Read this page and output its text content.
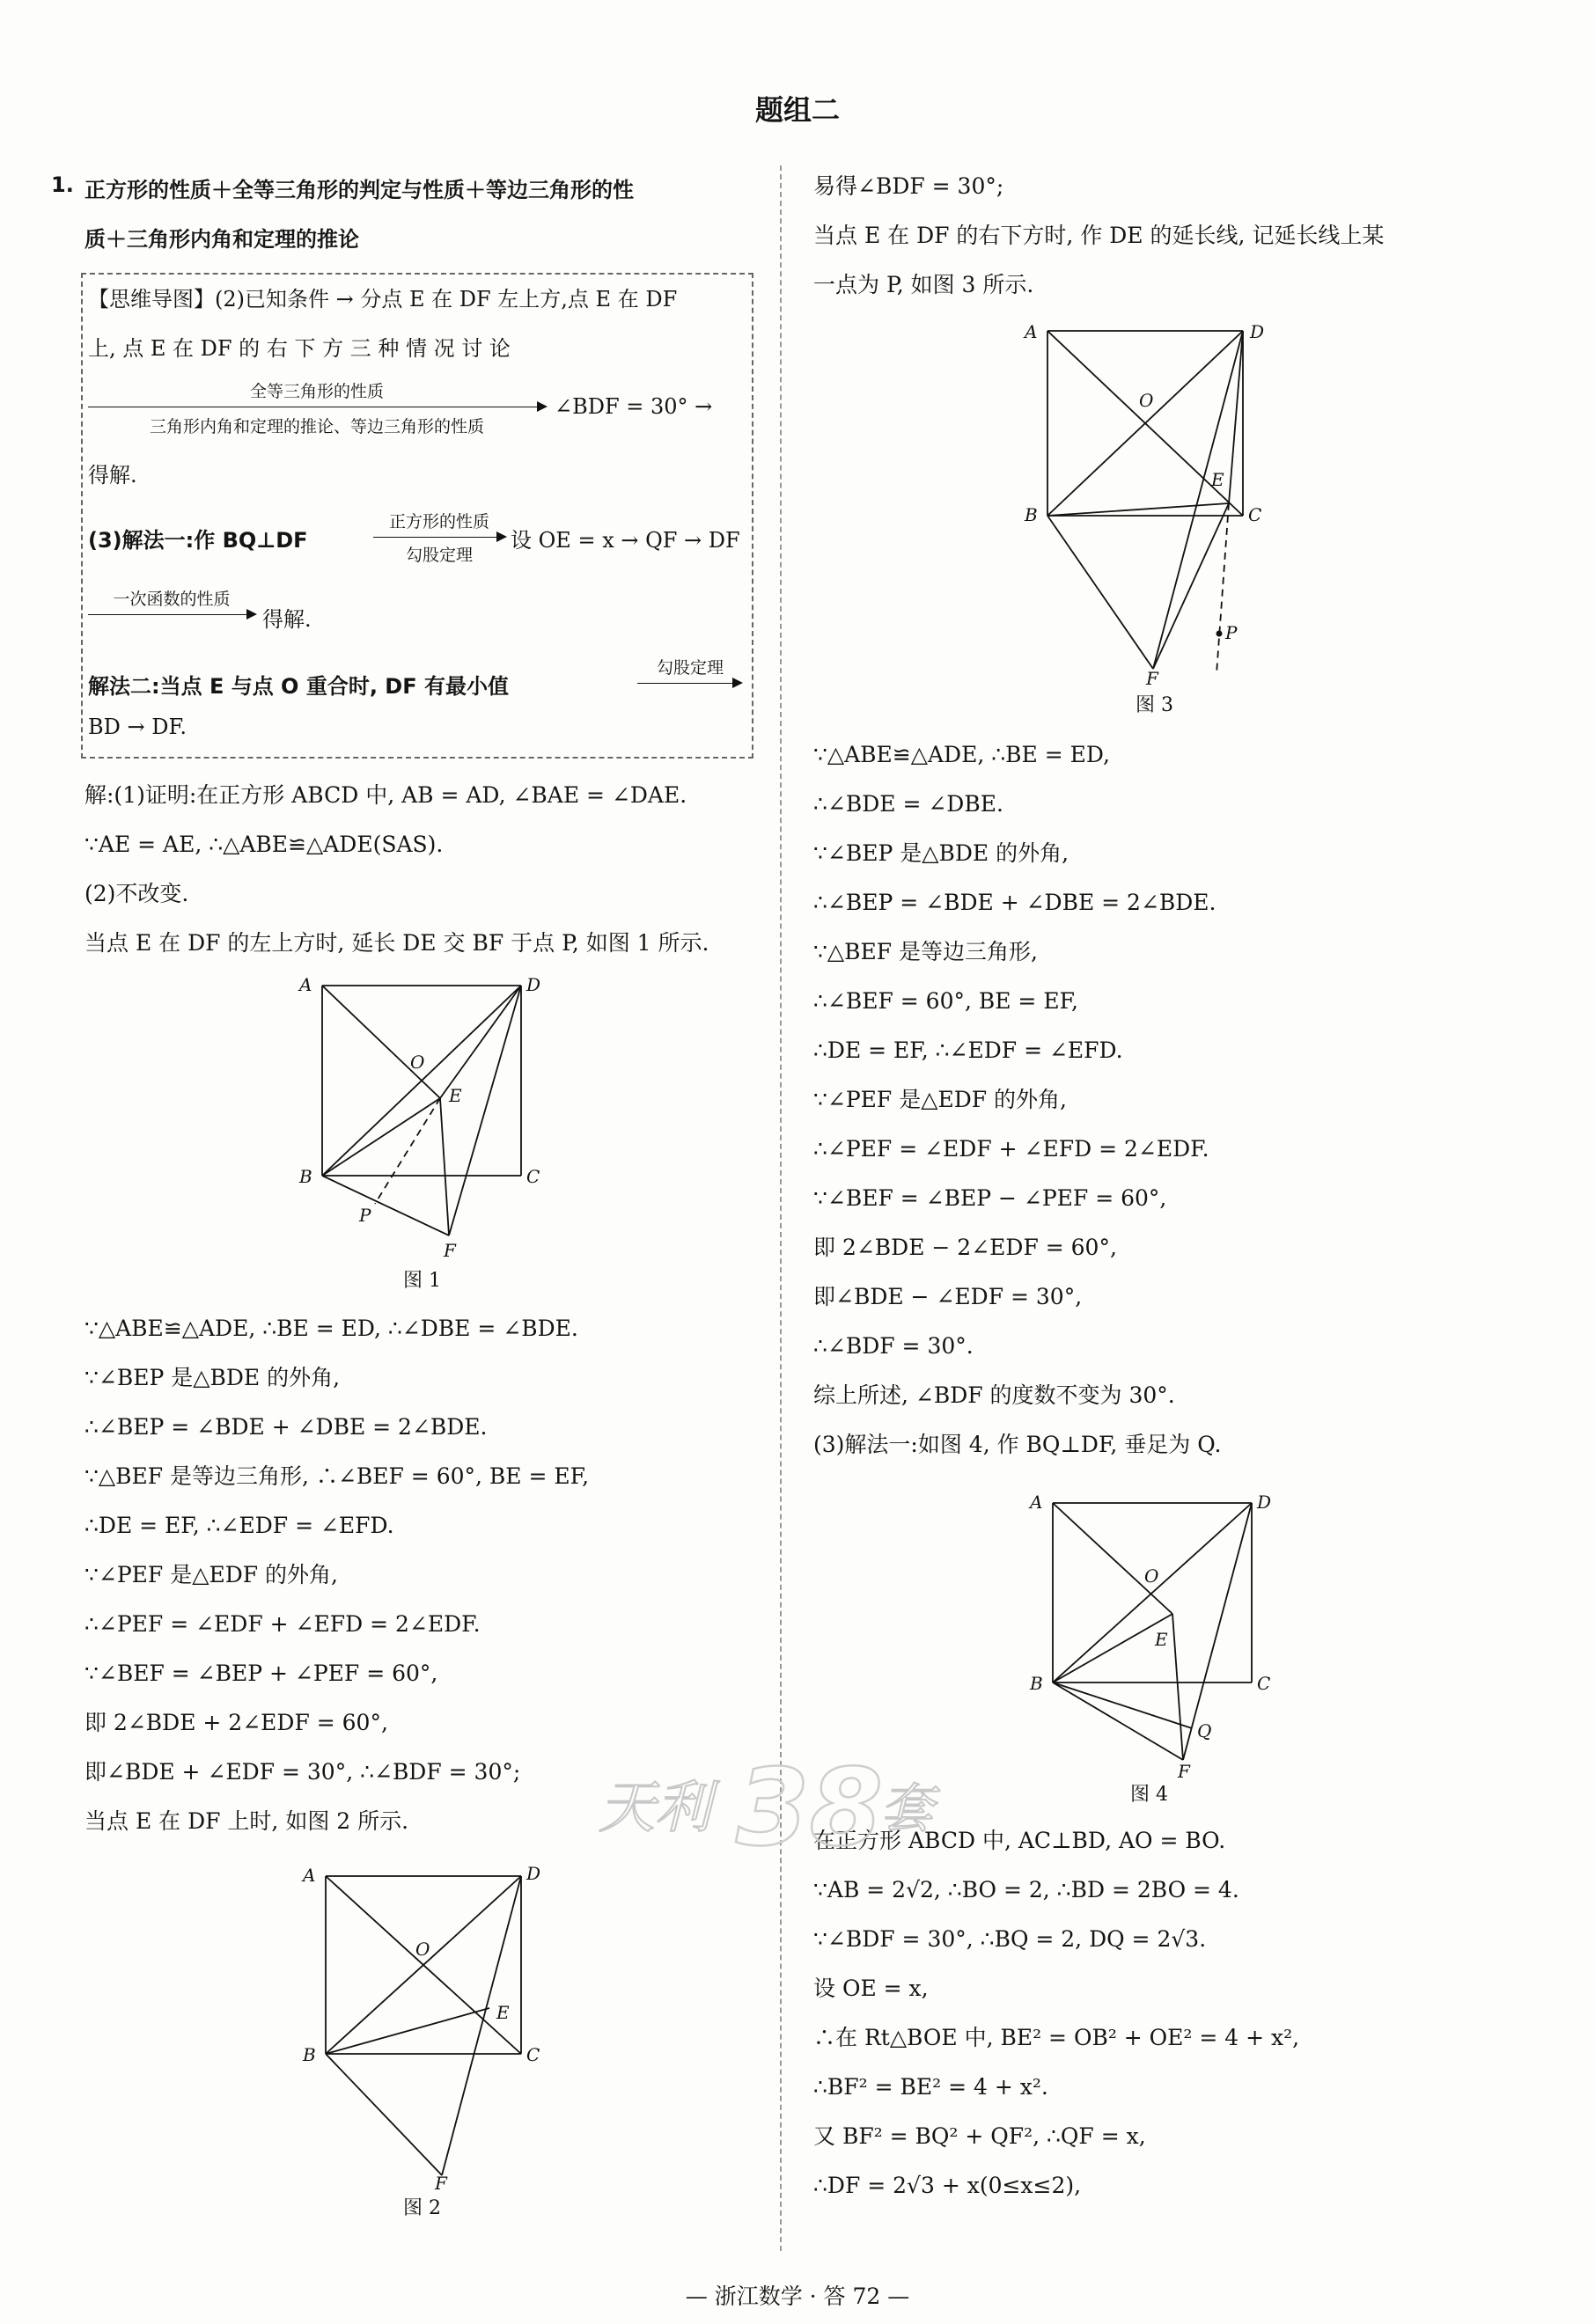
题组二
1. 正方形的性质＋全等三角形的判定与性质＋等边三角形的性
质＋三角形内角和定理的推论
【思维导图】(2)已知条件 → 分点 E 在 DF 左上方,点 E 在 DF
上, 点 E 在 DF 的 右 下 方 三 种 情 况 讨 论
全等三角形的性质
三角形内角和定理的推论、等边三角形的性质
∠BDF = 30° →
得解.
(3)解法一:作 BQ⊥DF
正方形的性质
勾股定理
设 OE = x → QF → DF
一次函数的性质
得解.
解法二:当点 E 与点 O 重合时, DF 有最小值
勾股定理
BD → DF.
解:(1)证明:在正方形 ABCD 中, AB = AD, ∠BAE = ∠DAE.
∵AE = AE, ∴△ABE≌△ADE(SAS).
(2)不改变.
当点 E 在 DF 的左上方时, 延长 DE 交 BF 于点 P, 如图 1 所示.
A	D
O
E
B	C
P
F
图 1
∵△ABE≌△ADE, ∴BE = ED, ∴∠DBE = ∠BDE.
∵∠BEP 是△BDE 的外角,
∴∠BEP = ∠BDE + ∠DBE = 2∠BDE.
∵△BEF 是等边三角形, ∴∠BEF = 60°, BE = EF,
∴DE = EF, ∴∠EDF = ∠EFD.
∵∠PEF 是△EDF 的外角,
∴∠PEF = ∠EDF + ∠EFD = 2∠EDF.
∵∠BEF = ∠BEP + ∠PEF = 60°,
即 2∠BDE + 2∠EDF = 60°,
即∠BDE + ∠EDF = 30°, ∴∠BDF = 30°;
当点 E 在 DF 上时, 如图 2 所示.
A	D
O
E
B	C
F
图 2
易得∠BDF = 30°;
当点 E 在 DF 的右下方时, 作 DE 的延长线, 记延长线上某
一点为 P, 如图 3 所示.
A	D
O
E
B	C
P
F
图 3
∵△ABE≌△ADE, ∴BE = ED,
∴∠BDE = ∠DBE.
∵∠BEP 是△BDE 的外角,
∴∠BEP = ∠BDE + ∠DBE = 2∠BDE.
∵△BEF 是等边三角形,
∴∠BEF = 60°, BE = EF,
∴DE = EF, ∴∠EDF = ∠EFD.
∵∠PEF 是△EDF 的外角,
∴∠PEF = ∠EDF + ∠EFD = 2∠EDF.
∵∠BEF = ∠BEP − ∠PEF = 60°,
即 2∠BDE − 2∠EDF = 60°,
即∠BDE − ∠EDF = 30°,
∴∠BDF = 30°.
综上所述, ∠BDF 的度数不变为 30°.
(3)解法一:如图 4, 作 BQ⊥DF, 垂足为 Q.
A	D
O
E
B	C
Q
F
图 4
在正方形 ABCD 中, AC⊥BD, AO = BO.
∵AB = 2√2, ∴BO = 2, ∴BD = 2BO = 4.
∵∠BDF = 30°, ∴BQ = 2, DQ = 2√3.
设 OE = x,
∴在 Rt△BOE 中, BE² = OB² + OE² = 4 + x²,
∴BF² = BE² = 4 + x².
又 BF² = BQ² + QF², ∴QF = x,
∴DF = 2√3 + x(0≤x≤2),
天利 38
套
— 浙江数学 · 答 72 —
